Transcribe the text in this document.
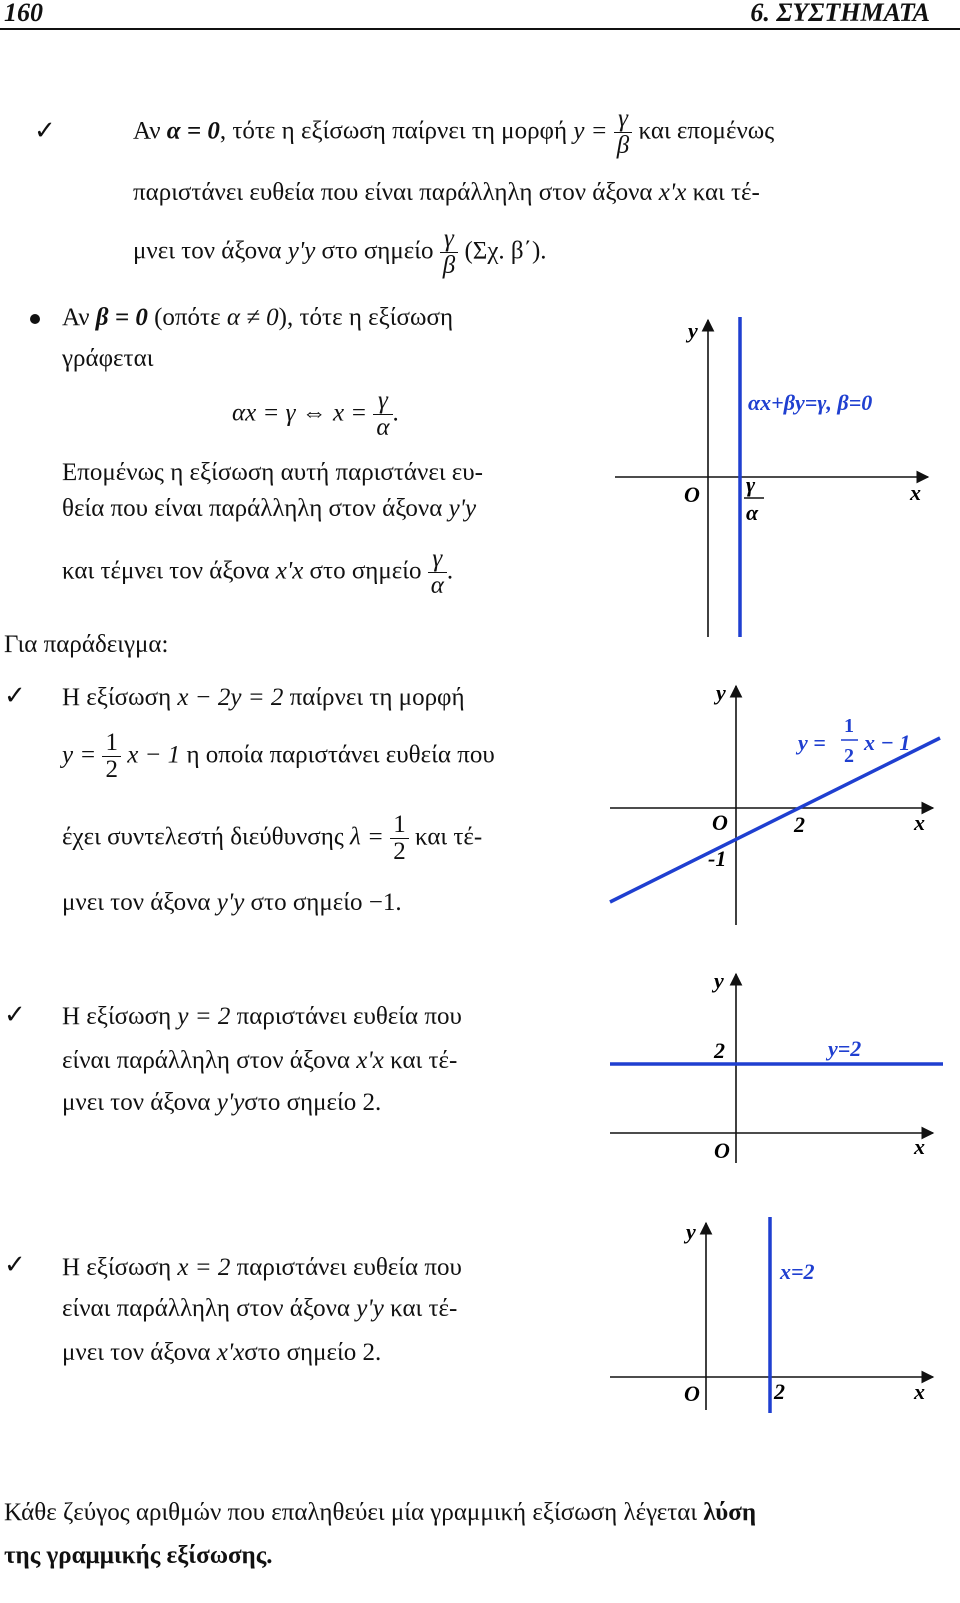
160	6. ΣΥΣΤΗΜΑΤΑ
✓	Αν α = 0, τότε η εξίσωση παίρνει τη μορφή $y = \frac{\gamma}{\beta}$ και επομένως
παριστάνει ευθεία που είναι παράλληλη στον άξονα x'x και τέ-
μνει τον άξονα y'y στο σημείο $\frac{\gamma}{\beta} (\Sigma\chi$. β΄).
Αν β = 0 (οπότε α ≠ 0), τότε η εξίσωση
γράφεται
αx = γ ⇔ $x = \frac{\gamma}{\alpha}$ .
Επομένως η εξίσωση αυτή παριστάνει ευ-
θεία που είναι παράλληλη στον άξονα y'y
και τέμνει τον άξονα x'x στο σημείο $\frac{\gamma}{\alpha}$ .
Για παράδειγμα:
✓ Η εξίσωση x − 2y = 2 παίρνει τη μορφή
$y = \frac{1}{2}$ x − 1 η οποία παριστάνει ευθεία που
έχει συντελεστή διεύθυνσης $\lambda = \frac{1}{2}$ και τέ-
μνει τον άξονα y'y στο σημείο −1.
✓ Η εξίσωση y = 2 παριστάνει ευθεία που
είναι παράλληλη στον άξονα x'x και τέ-
μνει τον άξονα y'yστο σημείο 2.
✓ Η εξίσωση x = 2 παριστάνει ευθεία που
είναι παράλληλη στον άξονα y'y και τέ-
μνει τον άξονα x'xστο σημείο 2.
Κάθε ζεύγος αριθμών που επαληθεύει μία γραμμική εξίσωση λέγεται λύση
της γραμμικής εξίσωσης.
y
x
O
αx+βy=γ, β=0
γ
α
y
x
O	2
-1
y =
1
2
x − 1
y
x
O
2	y=2
y
x
O	2
x=2
